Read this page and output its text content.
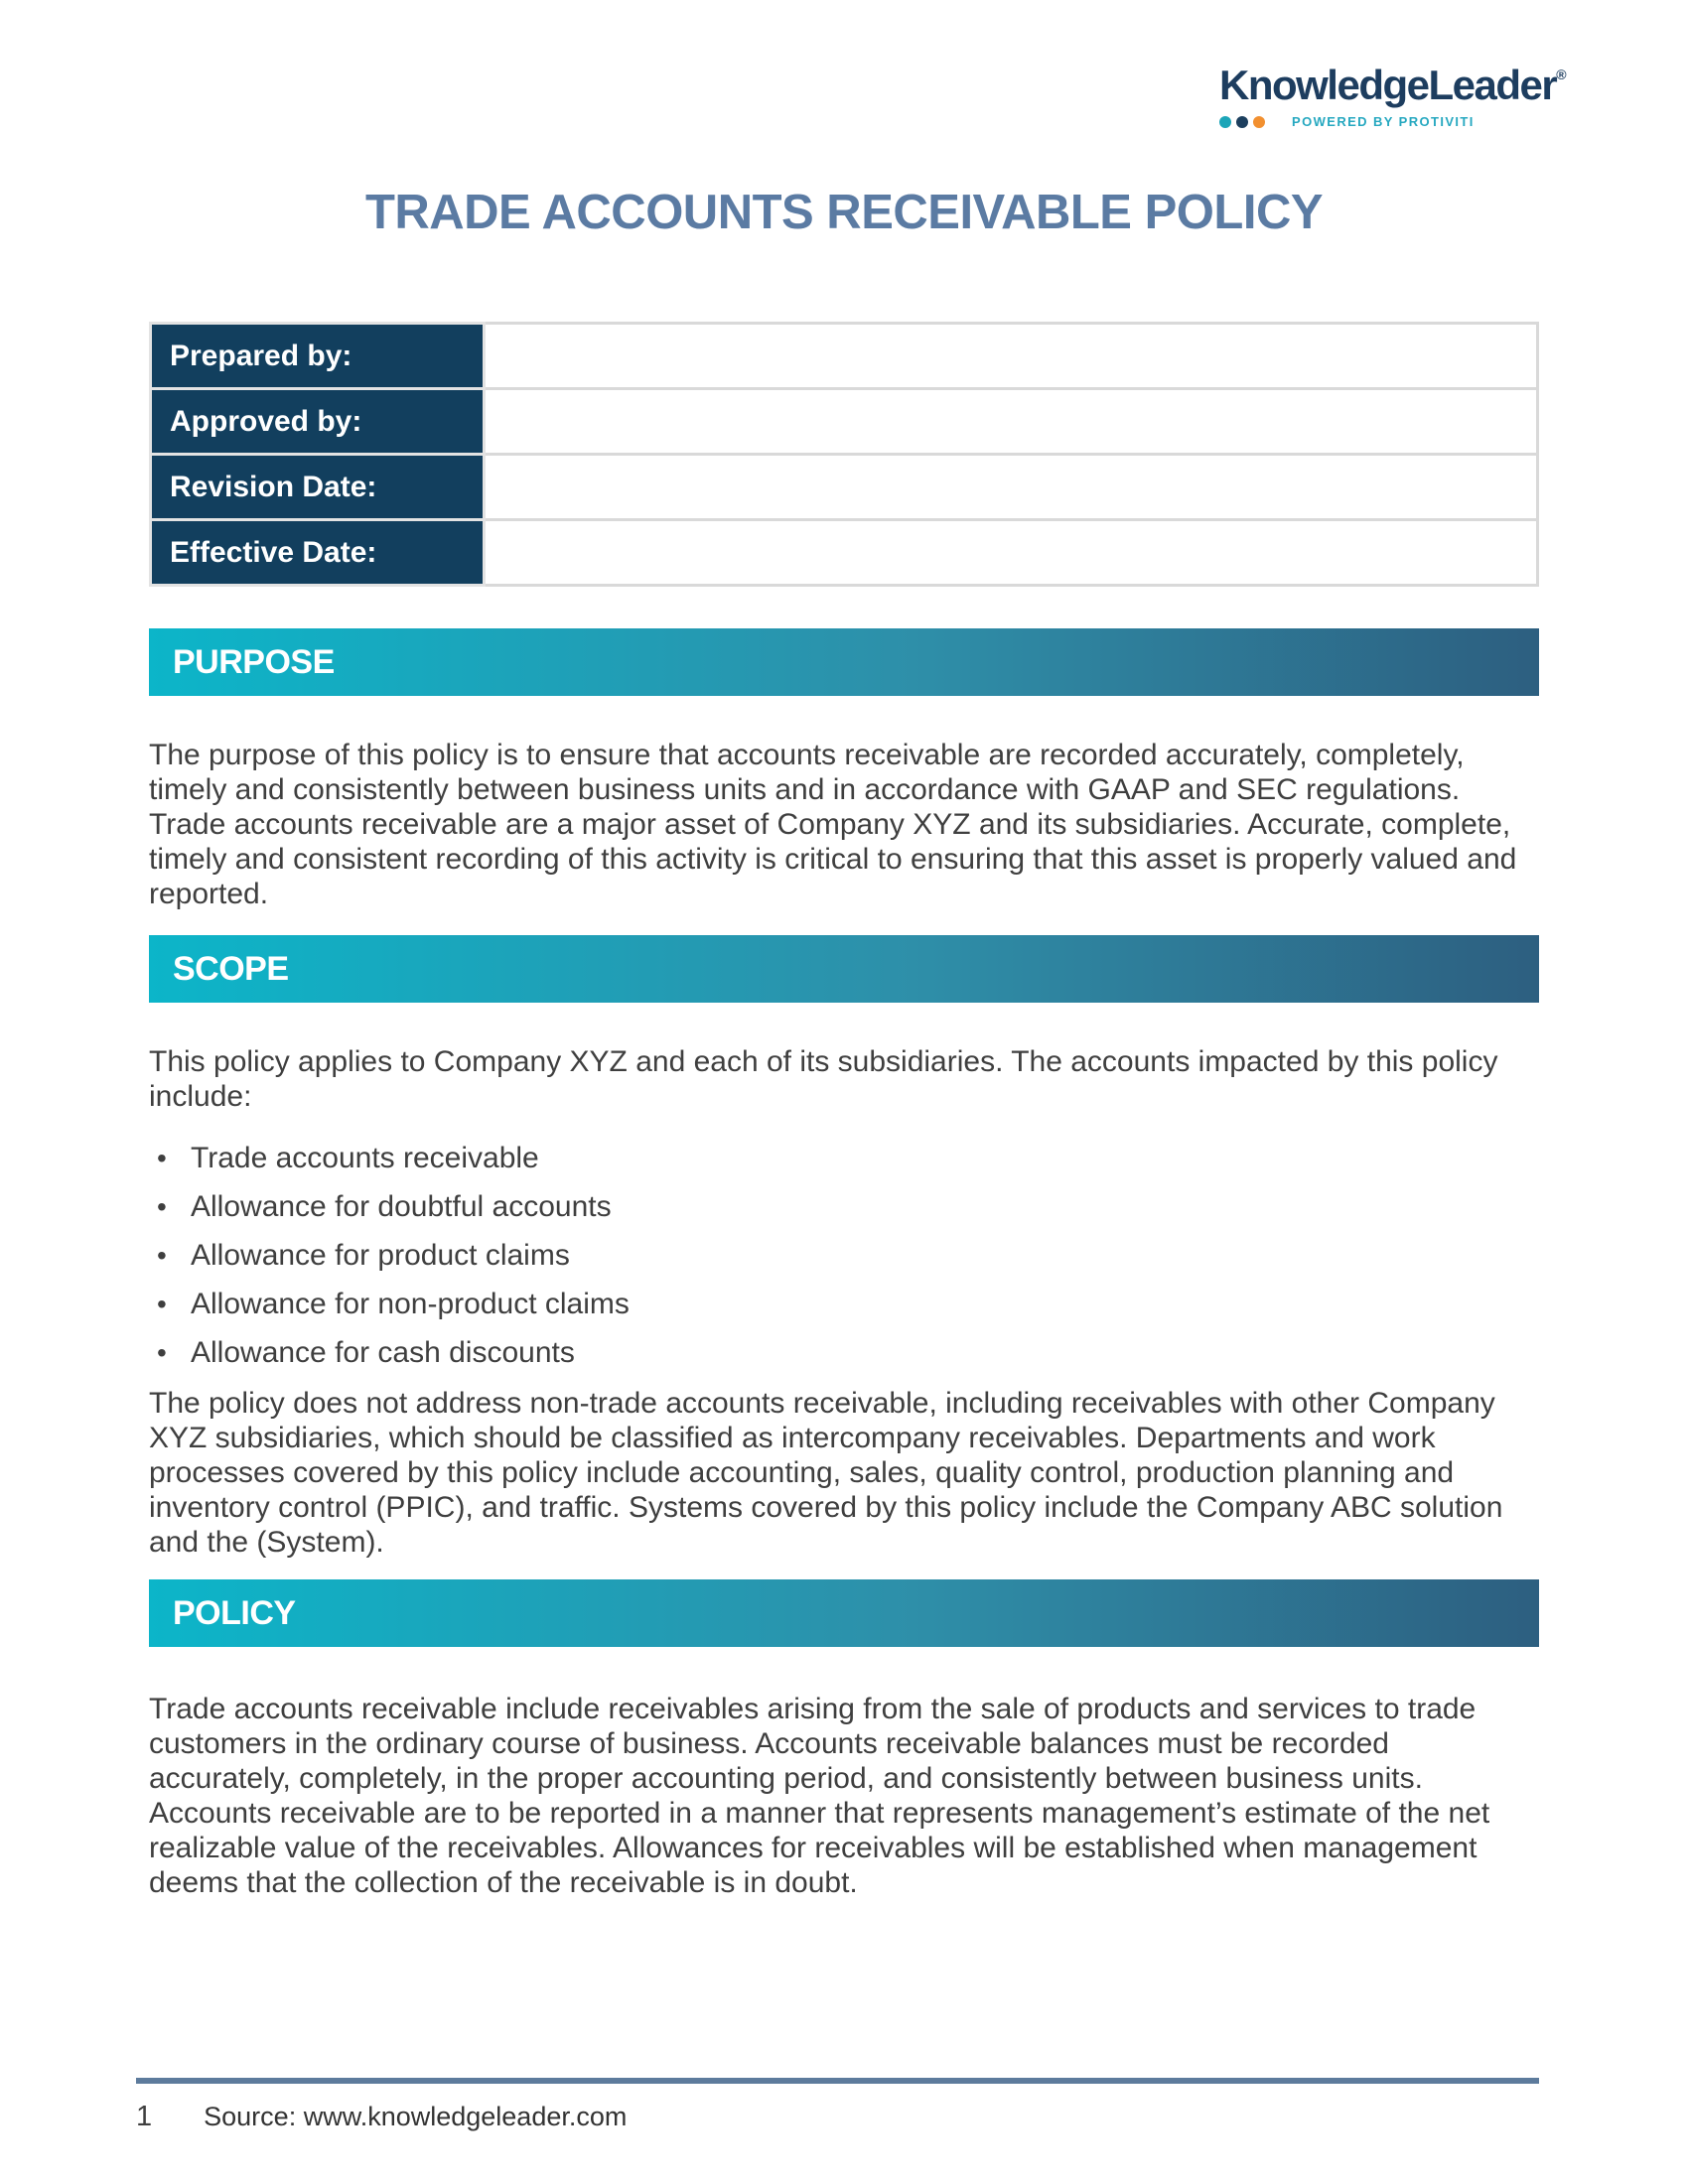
KnowledgeLeader®
POWERED BY PROTIVITI
TRADE ACCOUNTS RECEIVABLE POLICY
Prepared by:	
Approved by:	
Revision Date:	
Effective Date:	
PURPOSE

The purpose of this policy is to ensure that accounts receivable are recorded accurately, completely, timely and consistently between business units and in accordance with GAAP and SEC regulations. Trade accounts receivable are a major asset of Company XYZ and its subsidiaries. Accurate, complete, timely and consistent recording of this activity is critical to ensuring that this asset is properly valued and reported.

SCOPE

This policy applies to Company XYZ and each of its subsidiaries. The accounts impacted by this policy include:

• Trade accounts receivable
• Allowance for doubtful accounts
• Allowance for product claims
• Allowance for non-product claims
• Allowance for cash discounts

The policy does not address non-trade accounts receivable, including receivables with other Company XYZ subsidiaries, which should be classified as intercompany receivables. Departments and work processes covered by this policy include accounting, sales, quality control, production planning and inventory control (PPIC), and traffic. Systems covered by this policy include the Company ABC solution and the (System).

POLICY

Trade accounts receivable include receivables arising from the sale of products and services to trade customers in the ordinary course of business. Accounts receivable balances must be recorded accurately, completely, in the proper accounting period, and consistently between business units. Accounts receivable are to be reported in a manner that represents management’s estimate of the net realizable value of the receivables. Allowances for receivables will be established when management deems that the collection of the receivable is in doubt.

1 Source: www.knowledgeleader.com
